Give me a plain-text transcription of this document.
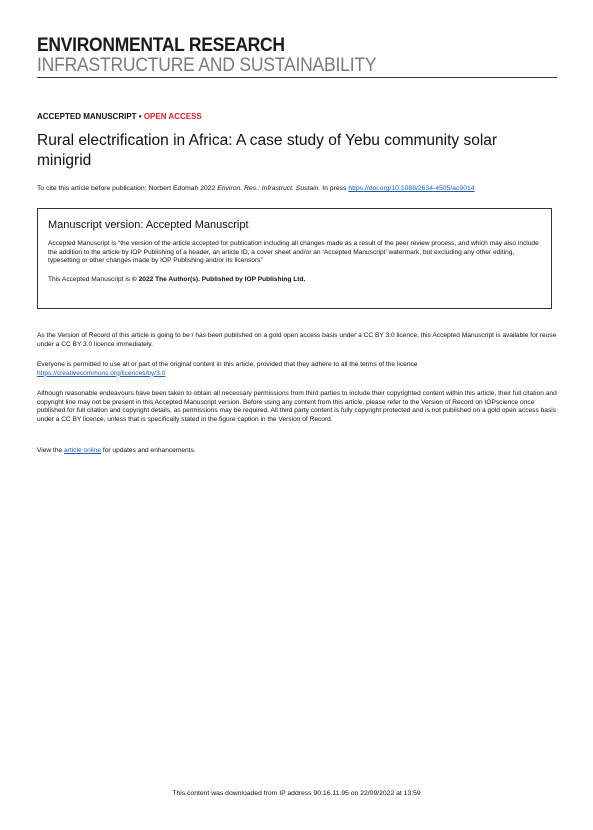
ENVIRONMENTAL RESEARCH
INFRASTRUCTURE AND SUSTAINABILITY
ACCEPTED MANUSCRIPT • OPEN ACCESS
Rural electrification in Africa: A case study of Yebu community solar minigrid
To cite this article before publication: Norbert Edomah 2022 Environ. Res.: Infrastruct. Sustain. In press https://doi.org/10.1088/2634-4505/ac9014
Manuscript version: Accepted Manuscript
Accepted Manuscript is “the version of the article accepted for publication including all changes made as a result of the peer review process, and which may also include the addition to the article by IOP Publishing of a header, an article ID, a cover sheet and/or an ‘Accepted Manuscript’ watermark, but excluding any other editing, typesetting or other changes made by IOP Publishing and/or its licensors”
This Accepted Manuscript is © 2022 The Author(s). Published by IOP Publishing Ltd.
As the Version of Record of this article is going to be / has been published on a gold open access basis under a CC BY 3.0 licence, this Accepted Manuscript is available for reuse under a CC BY 3.0 licence immediately.
Everyone is permitted to use all or part of the original content in this article, provided that they adhere to all the terms of the licence
https://creativecommons.org/licences/by/3.0
Although reasonable endeavours have been taken to obtain all necessary permissions from third parties to include their copyrighted content within this article, their full citation and copyright line may not be present in this Accepted Manuscript version. Before using any content from this article, please refer to the Version of Record on IOPscience once published for full citation and copyright details, as permissions may be required. All third party content is fully copyright protected and is not published on a gold open access basis under a CC BY licence, unless that is specifically stated in the figure caption in the Version of Record.
View the article online for updates and enhancements.
This content was downloaded from IP address 90.16.11.95 on 22/09/2022 at 13:59
